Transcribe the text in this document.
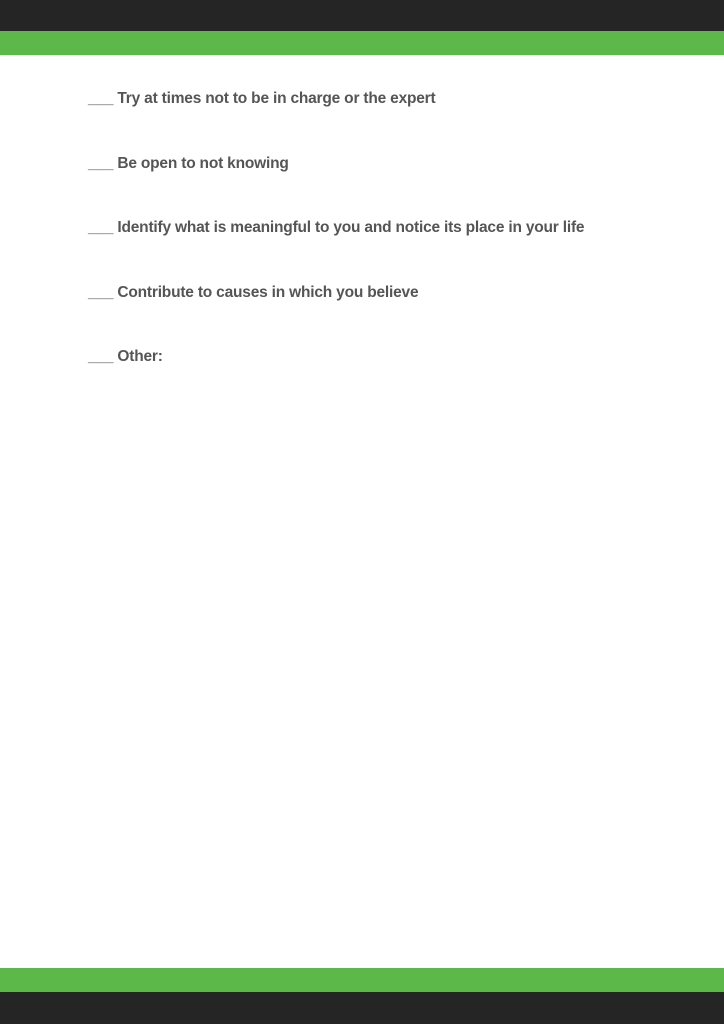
___ Try at times not to be in charge or the expert
___ Be open to not knowing
___ Identify what is meaningful to you and notice its place in your life
___ Contribute to causes in which you believe
___ Other:
